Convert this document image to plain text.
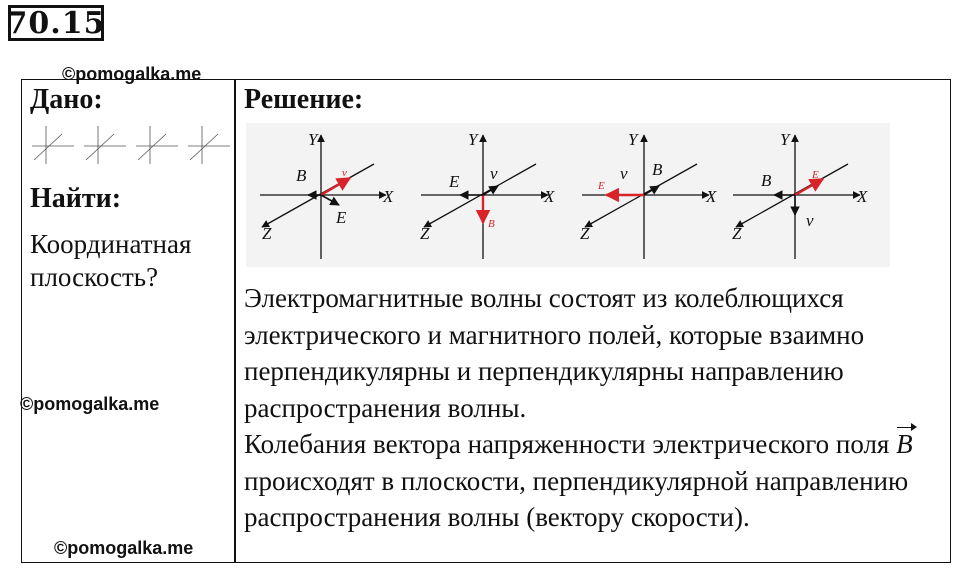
70.15
©pomogalka.me
©pomogalka.me
©pomogalka.me
Дано:
Найти:
Координатная плоскость?
Решение:
Y
X
Z
B
E
v
Y
X
Z
E v
B
Y
X
Z
v B
E
Y
X
Z
B
v
E

Электромагнитные волны состоят из колеблющихся электрического и магнитного полей, которые взаимно перпендикулярны и перпендикулярны направлению распространения волны.

Колебания вектора напряженности электрического поля B происходят в плоскости, перпендикулярной направлению распространения волны (вектору скорости).
